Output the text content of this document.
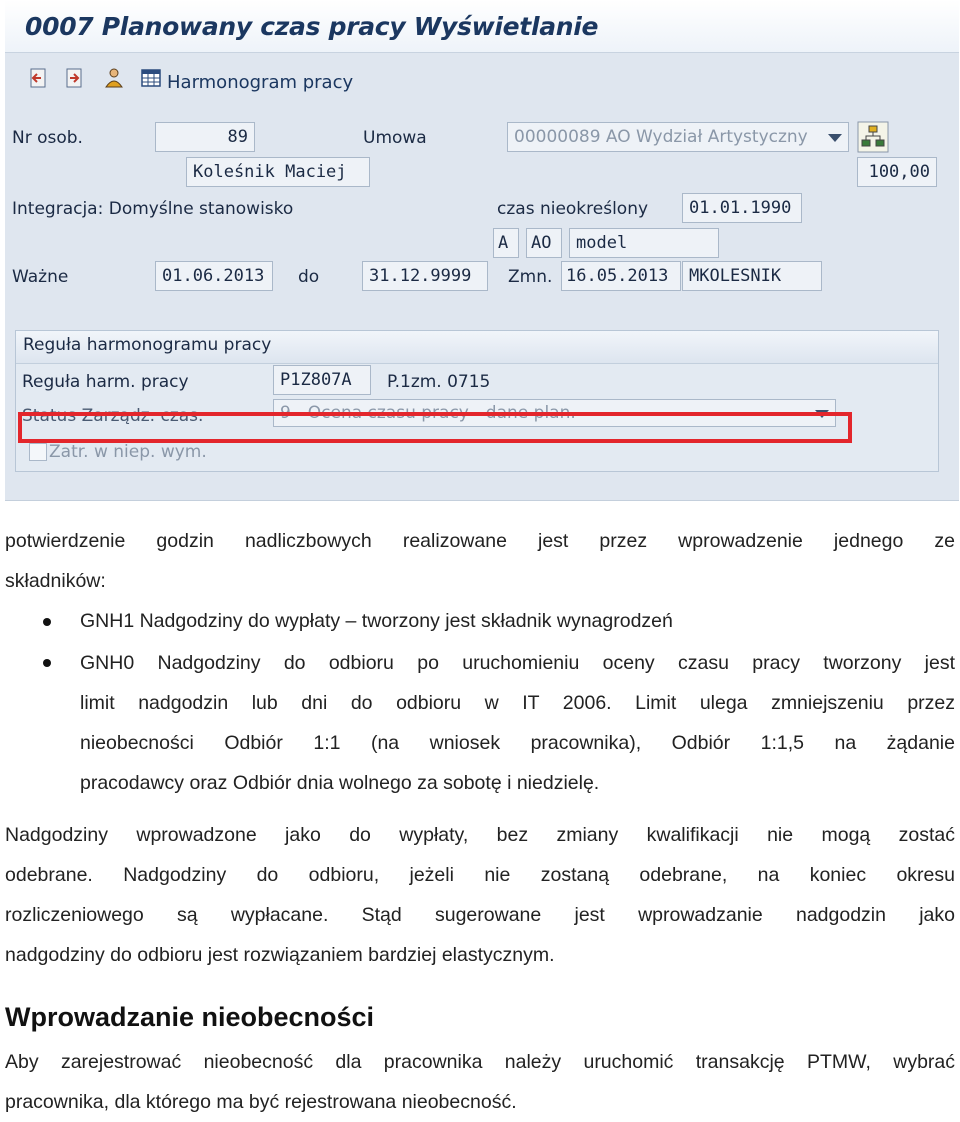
0007 Planowany czas pracy Wyświetlanie
Harmonogram pracy
Nr osob.	89	Umowa	00000089 AO Wydział Artystyczny
Koleśnik Maciej	100,00
Integracja: Domyślne stanowisko	czas nieokreślony	01.01.1990
A	AO	model
Ważne	01.06.2013	do	31.12.9999	Zmn. 16.05.2013	MKOLESNIK
Reguła harmonogramu pracy
Reguła harm. pracy	P1Z807A	P.1zm. 0715
Status Zarządz. czas.	9 - Ocena czasu pracy - dane plan.
Zatr. w niep. wym.
potwierdzenie godzin nadliczbowych realizowane jest przez wprowadzenie jednego ze
składników:
GNH1 Nadgodziny do wypłaty – tworzony jest składnik wynagrodzeń
GNH0 Nadgodziny do odbioru po uruchomieniu oceny czasu pracy tworzony jest
limit nadgodzin lub dni do odbioru w IT 2006. Limit ulega zmniejszeniu przez
nieobecności Odbiór 1:1 (na wniosek pracownika), Odbiór 1:1,5 na żądanie
pracodawcy oraz Odbiór dnia wolnego za sobotę i niedzielę.
Nadgodziny wprowadzone jako do wypłaty, bez zmiany kwalifikacji nie mogą zostać
odebrane. Nadgodziny do odbioru, jeżeli nie zostaną odebrane, na koniec okresu
rozliczeniowego są wypłacane. Stąd sugerowane jest wprowadzanie nadgodzin jako
nadgodziny do odbioru jest rozwiązaniem bardziej elastycznym.
Wprowadzanie nieobecności
Aby zarejestrować nieobecność dla pracownika należy uruchomić transakcję PTMW, wybrać
pracownika, dla którego ma być rejestrowana nieobecność.
